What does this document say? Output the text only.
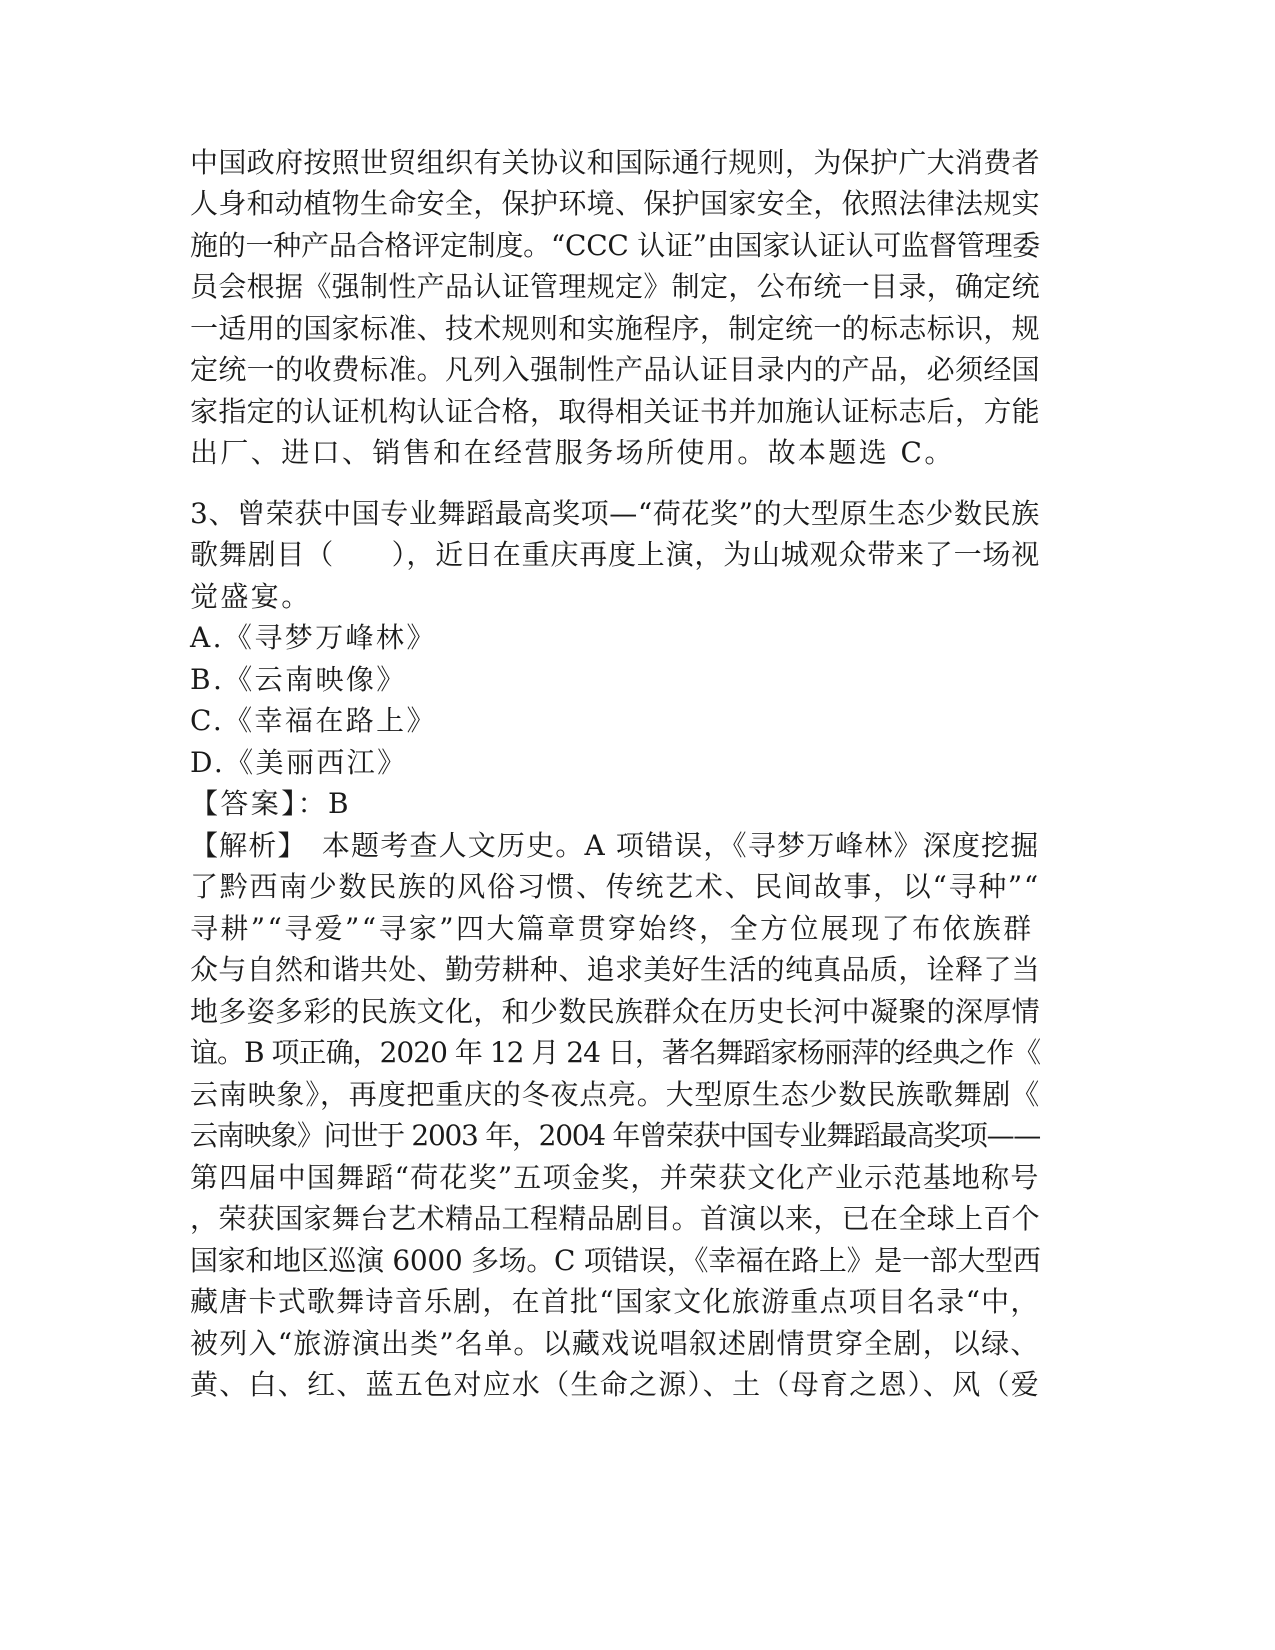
中国政府按照世贸组织有关协议和国际通行规则，为保护广大消费者
人身和动植物生命安全，保护环境、保护国家安全，依照法律法规实
施的一种产品合格评定制度。“CCC 认证”由国家认证认可监督管理委
员会根据《强制性产品认证管理规定》制定，公布统一目录，确定统
一适用的国家标准、技术规则和实施程序，制定统一的标志标识，规
定统一的收费标准。凡列入强制性产品认证目录内的产品，必须经国
家指定的认证机构认证合格，取得相关证书并加施认证标志后，方能
出厂、进口、销售和在经营服务场所使用。故本题选 C。
3、曾荣获中国专业舞蹈最高奖项—“荷花奖”的大型原生态少数民族
歌舞剧目（　　），近日在重庆再度上演，为山城观众带来了一场视
觉盛宴。
A.《寻梦万峰林》
B.《云南映像》
C.《幸福在路上》
D.《美丽西江》
【答案】：B
【解析】　本题考查人文历史。A 项错误，《寻梦万峰林》深度挖掘
了黔西南少数民族的风俗习惯、传统艺术、民间故事，以“寻种”“
寻耕”“寻爱”“寻家”四大篇章贯穿始终，全方位展现了布依族群
众与自然和谐共处、勤劳耕种、追求美好生活的纯真品质，诠释了当
地多姿多彩的民族文化，和少数民族群众在历史长河中凝聚的深厚情
谊。B 项正确，2020 年 12 月 24 日，著名舞蹈家杨丽萍的经典之作《
云南映象》，再度把重庆的冬夜点亮。大型原生态少数民族歌舞剧《
云南映象》问世于 2003 年，2004 年曾荣获中国专业舞蹈最高奖项——
第四届中国舞蹈“荷花奖”五项金奖，并荣获文化产业示范基地称号
，荣获国家舞台艺术精品工程精品剧目。首演以来，已在全球上百个
国家和地区巡演 6000 多场。C 项错误，《幸福在路上》是一部大型西
藏唐卡式歌舞诗音乐剧，在首批“国家文化旅游重点项目名录“中，
被列入“旅游演出类”名单。以藏戏说唱叙述剧情贯穿全剧，以绿、
黄、白、红、蓝五色对应水（生命之源）、土（母育之恩）、风（爱
